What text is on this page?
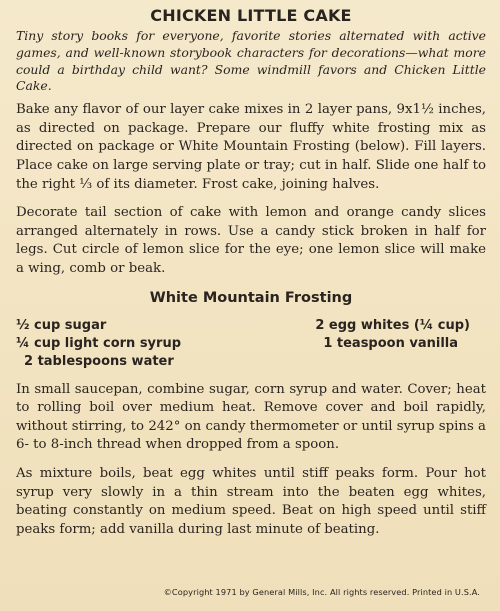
CHICKEN LITTLE CAKE

Tiny story books for everyone, favorite stories alternated with active games, and well-known storybook characters for decorations—what more could a birthday child want? Some windmill favors and Chicken Little Cake.

Bake any flavor of our layer cake mixes in 2 layer pans, 9x1½ inches, as directed on package. Prepare our fluffy white frosting mix as directed on package or White Mountain Frosting (below). Fill layers. Place cake on large serving plate or tray; cut in half. Slide one half to the right ⅓ of its diameter. Frost cake, joining halves.

Decorate tail section of cake with lemon and orange candy slices arranged alternately in rows. Use a candy stick broken in half for legs. Cut circle of lemon slice for the eye; one lemon slice will make a wing, comb or beak.

White Mountain Frosting
½ cup sugar
¼ cup light corn syrup
2 tablespoons water
2 egg whites (¼ cup)
1 teaspoon vanilla

In small saucepan, combine sugar, corn syrup and water. Cover; heat to rolling boil over medium heat. Remove cover and boil rapidly, without stirring, to 242° on candy thermometer or until syrup spins a 6- to 8-inch thread when dropped from a spoon.

As mixture boils, beat egg whites until stiff peaks form. Pour hot syrup very slowly in a thin stream into the beaten egg whites, beating constantly on medium speed. Beat on high speed until stiff peaks form; add vanilla during last minute of beating.

©Copyright 1971 by General Mills, Inc. All rights reserved. Printed in U.S.A.
